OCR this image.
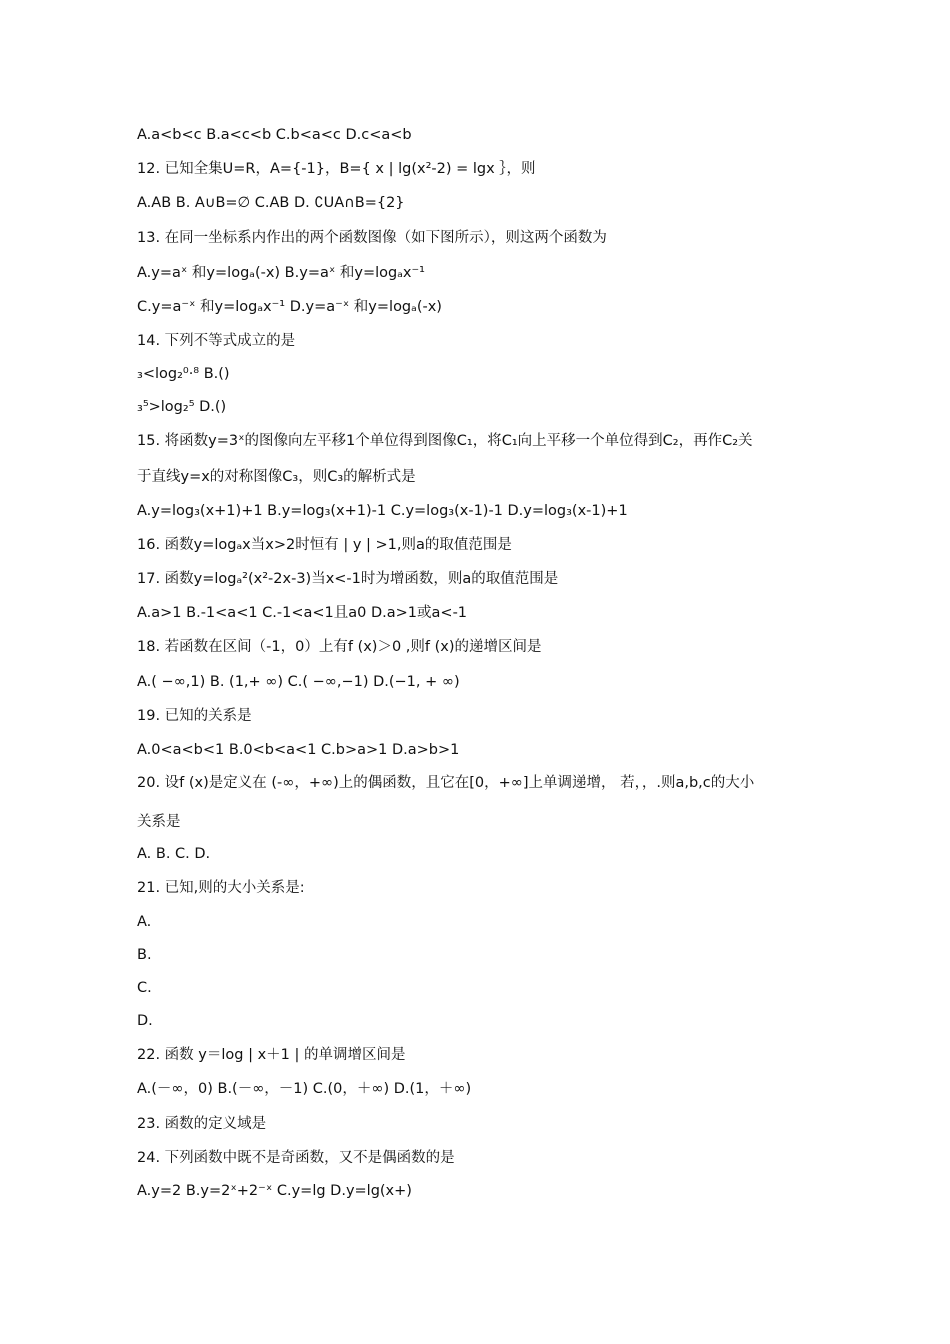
A.a<b<c B.a<c<b C.b<a<c D.c<a<b
12. 已知全集U=R，A={-1}，B={ x | lg(x²-2) = lgx ｝，则
A.AB B. A∪B=∅ C.AB D. ∁UA∩B={2}
13. 在同一坐标系内作出的两个函数图像（如下图所示），则这两个函数为
A.y=aˣ 和y=logₐ(-x) B.y=aˣ 和y=logₐx⁻¹
C.y=a⁻ˣ 和y=logₐx⁻¹ D.y=a⁻ˣ 和y=logₐ(-x)
14. 下列不等式成立的是
₃<log₂⁰·⁸ B.()
₃⁵>log₂⁵ D.()
15. 将函数y=3ˣ的图像向左平移1个单位得到图像C₁，将C₁向上平移一个单位得到C₂，再作C₂关
于直线y=x的对称图像C₃，则C₃的解析式是
A.y=log₃(x+1)+1 B.y=log₃(x+1)-1 C.y=log₃(x-1)-1 D.y=log₃(x-1)+1
16. 函数y=logₐx当x>2时恒有 | y | >1,则a的取值范围是
17. 函数y=logₐ²(x²-2x-3)当x<-1时为增函数，则a的取值范围是
A.a>1 B.-1<a<1 C.-1<a<1且a0 D.a>1或a<-1
18. 若函数在区间（-1，0）上有f (x)＞0 ,则f (x)的递增区间是
A.( −∞,1) B. (1,+ ∞) C.( −∞,−1) D.(−1, + ∞)
19. 已知的关系是
A.0<a<b<1 B.0<b<a<1 C.b>a>1 D.a>b>1
20. 设f (x)是定义在 (-∞，+∞)上的偶函数，且它在[0，+∞]上单调递增， 若，，.则a,b,c的大小
关系是
A. B. C. D.
21. 已知,则的大小关系是:
A.
B.
C.
D.
22. 函数 y＝log | x＋1 | 的单调增区间是
A.(－∞，0) B.(－∞，－1) C.(0，＋∞) D.(1，＋∞)
23. 函数的定义域是
24. 下列函数中既不是奇函数，又不是偶函数的是
A.y=2 B.y=2ˣ+2⁻ˣ C.y=lg D.y=lg(x+)
